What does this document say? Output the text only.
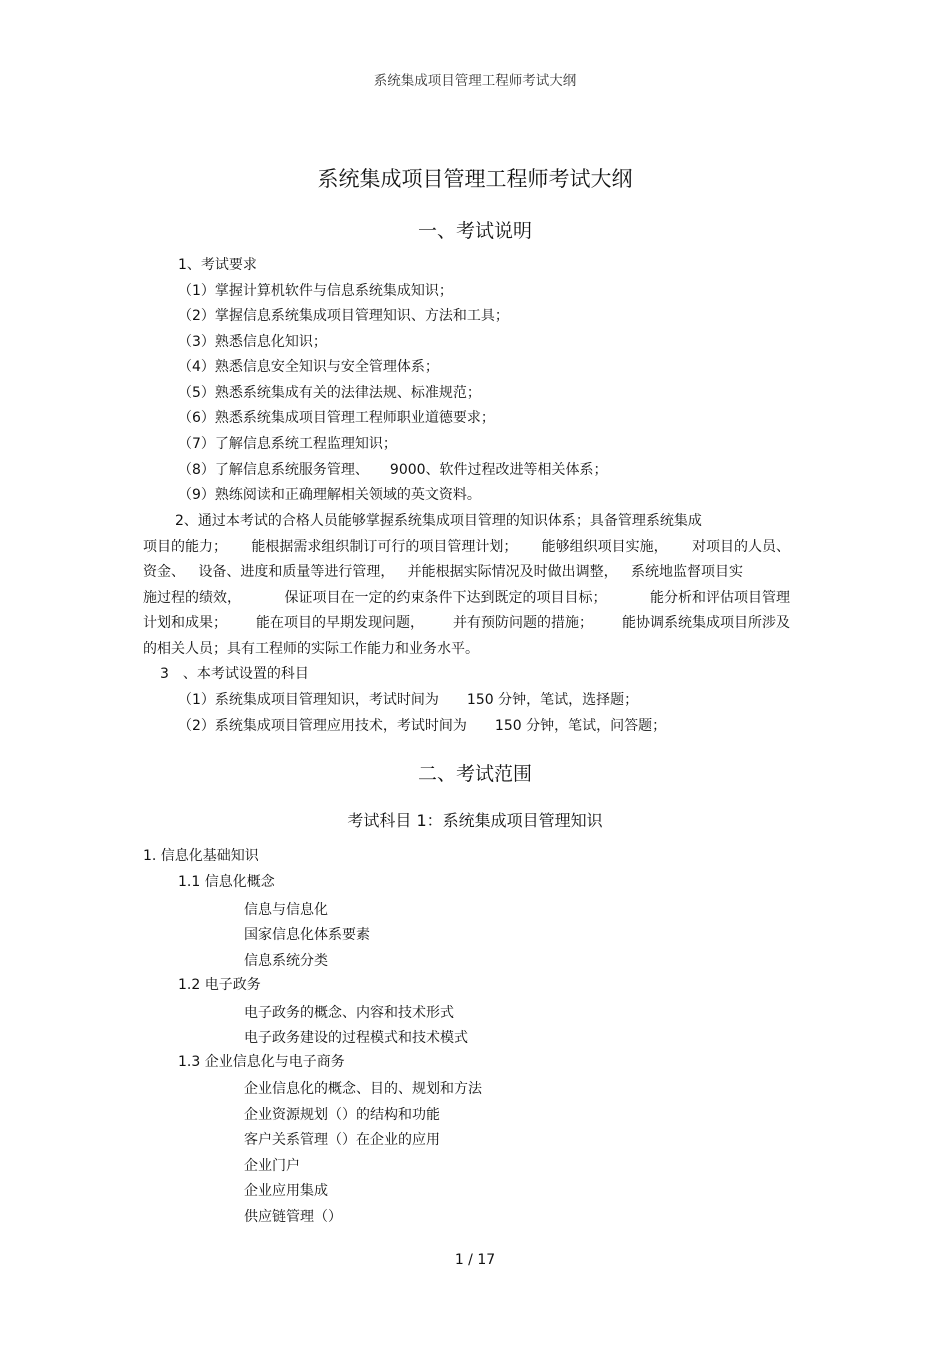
系统集成项目管理工程师考试大纲
系统集成项目管理工程师考试大纲
一、考试说明
1、考试要求
（1）掌握计算机软件与信息系统集成知识；
（2）掌握信息系统集成项目管理知识、方法和工具；
（3）熟悉信息化知识；
（4）熟悉信息安全知识与安全管理体系；
（5）熟悉系统集成有关的法律法规、标准规范；
（6）熟悉系统集成项目管理工程师职业道德要求；
（7）了解信息系统工程监理知识；
（8）了解信息系统服务管理、　　9000、软件过程改进等相关体系；
（9）熟练阅读和正确理解相关领域的英文资料。
2、通过本考试的合格人员能够掌握系统集成项目管理的知识体系；具备管理系统集成
项目的能力； 能根据需求组织制订可行的项目管理计划； 能够组织项目实施， 对项目的人员、
资金、 设备、进度和质量等进行管理， 并能根据实际情况及时做出调整， 系统地监督项目实
施过程的绩效，	保证项目在一定的约束条件下达到既定的项目目标；	能分析和评估项目管理
计划和成果； 能在项目的早期发现问题， 并有预防问题的措施； 能协调系统集成项目所涉及
的相关人员；具有工程师的实际工作能力和业务水平。
3　、本考试设置的科目
（1）系统集成项目管理知识，考试时间为　　150 分钟，笔试，选择题；
（2）系统集成项目管理应用技术，考试时间为　　150 分钟，笔试，问答题；
二、考试范围
考试科目 1：系统集成项目管理知识
1. 信息化基础知识
1.1 信息化概念
信息与信息化
国家信息化体系要素
信息系统分类
1.2 电子政务
电子政务的概念、内容和技术形式
电子政务建设的过程模式和技术模式
1.3 企业信息化与电子商务
企业信息化的概念、目的、规划和方法
企业资源规划（）的结构和功能
客户关系管理（）在企业的应用
企业门户
企业应用集成
供应链管理（）
1 / 17
